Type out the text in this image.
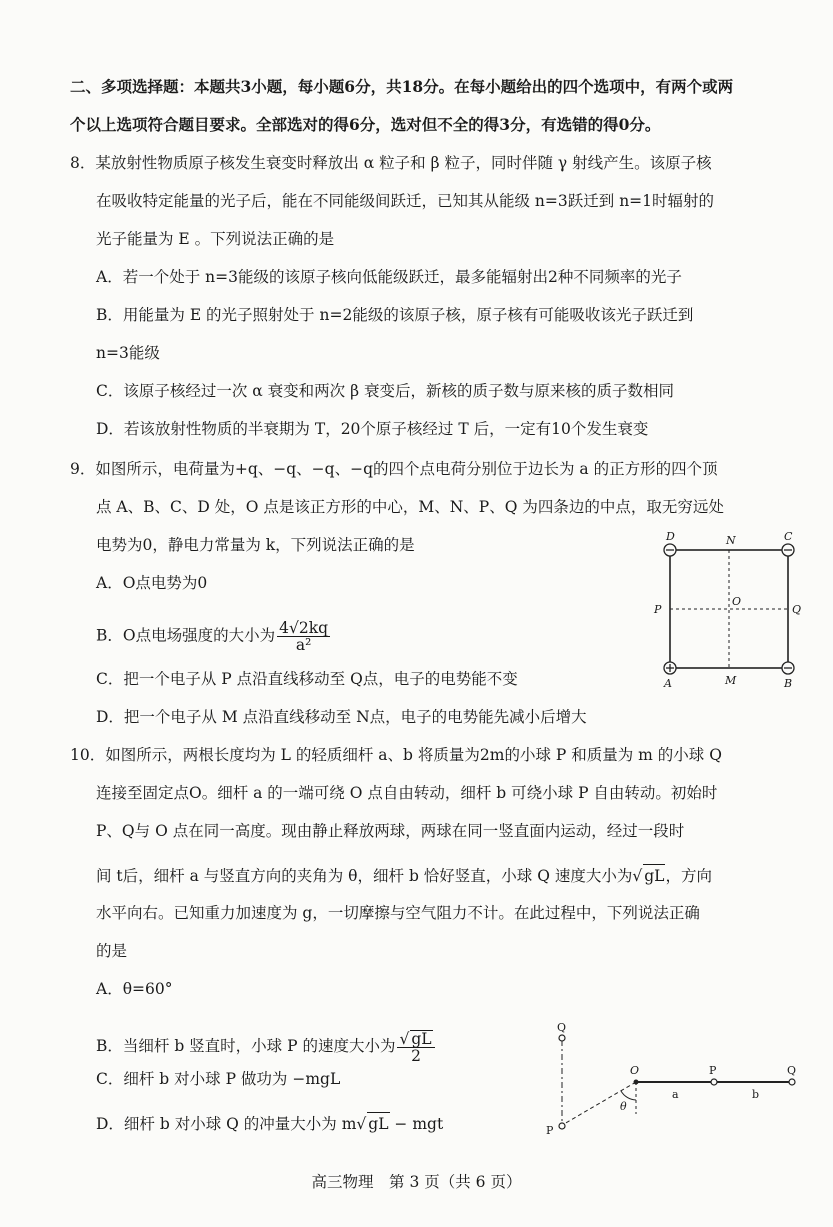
二、多项选择题：本题共3小题，每小题6分，共18分。在每小题给出的四个选项中，有两个或两
个以上选项符合题目要求。全部选对的得6分，选对但不全的得3分，有选错的得0分。
8．某放射性物质原子核发生衰变时释放出 α 粒子和 β 粒子，同时伴随 γ 射线产生。该原子核
在吸收特定能量的光子后，能在不同能级间跃迁，已知其从能级 n=3跃迁到 n=1时辐射的
光子能量为 E 。下列说法正确的是
A．若一个处于 n=3能级的该原子核向低能级跃迁，最多能辐射出2种不同频率的光子
B．用能量为 E 的光子照射处于 n=2能级的该原子核，原子核有可能吸收该光子跃迁到
n=3能级
C．该原子核经过一次 α 衰变和两次 β 衰变后，新核的质子数与原来核的质子数相同
D．若该放射性物质的半衰期为 T，20个原子核经过 T 后，一定有10个发生衰变
9．如图所示，电荷量为+q、−q、−q、−q的四个点电荷分别位于边长为 a 的正方形的四个顶
点 A、B、C、D 处，O 点是该正方形的中心，M、N、P、Q 为四条边的中点，取无穷远处
电势为0，静电力常量为 k，下列说法正确的是
A．O点电势为0
B．O点电场强度的大小为 $\frac{4√2kq}{\text{a²}}$
C．把一个电子从 P 点沿直线移动至 Q点，电子的电势能不变
D．把一个电子从 M 点沿直线移动至 N点，电子的电势能先减小后增大
D	N	C
P
O
Q
A	M	B
10．如图所示，两根长度均为 L 的轻质细杆 a、b 将质量为2m的小球 P 和质量为 m 的小球 Q
连接至固定点O。细杆 a 的一端可绕 O 点自由转动，细杆 b 可绕小球 P 自由转动。初始时
P、Q与 O 点在同一高度。现由静止释放两球，两球在同一竖直面内运动，经过一段时
间 t后，细杆 a 与竖直方向的夹角为 θ，细杆 b 恰好竖直，小球 Q 速度大小为√ gL，方向
水平向右。已知重力加速度为 g，一切摩擦与空气阻力不计。在此过程中，下列说法正确
的是
A．θ=60°
B．当细杆 b 竖直时，小球 P 的速度大小为 $\frac{√ gL}{2}$
C．细杆 b 对小球 P 做功为 −mgL
D．细杆 b 对小球 Q 的冲量大小为 m√ gL − mgt
Q
O	P	Q
a	b
θ
P
高三物理　第 3 页（共 6 页）
